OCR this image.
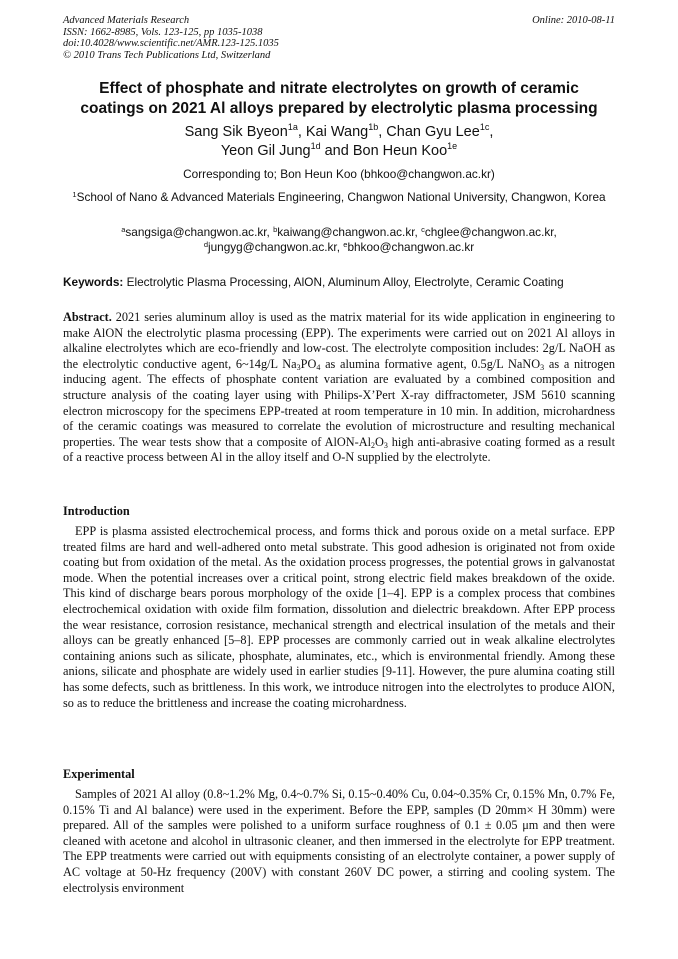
Advanced Materials Research
ISSN: 1662-8985, Vols. 123-125, pp 1035-1038
doi:10.4028/www.scientific.net/AMR.123-125.1035
© 2010 Trans Tech Publications Ltd, Switzerland
Online: 2010-08-11
Effect of phosphate and nitrate electrolytes on growth of ceramic
coatings on 2021 Al alloys prepared by electrolytic plasma processing
Sang Sik Byeon$^{1a}$, Kai Wang$^{1b}$, Chan Gyu Lee$^{1c}$,
Yeon Gil Jung$^{1d}$ and Bon Heun Koo$^{1e}$
Corresponding to; Bon Heun Koo (bhkoo@changwon.ac.kr)
$^1$School of Nano & Advanced Materials Engineering, Changwon National University, Changwon, Korea
$^a$sangsiga@changwon.ac.kr, $^b$kaiwang@changwon.ac.kr, $^c$chglee@changwon.ac.kr,
$^d$jungyg@changwon.ac.kr, $^e$bhkoo@changwon.ac.kr
Keywords: Electrolytic Plasma Processing, AlON, Aluminum Alloy, Electrolyte, Ceramic Coating
Abstract. 2021 series aluminum alloy is used as the matrix material for its wide application in engineering to make AlON the electrolytic plasma processing (EPP). The experiments were carried out on 2021 Al alloys in alkaline electrolytes which are eco-friendly and low-cost. The electrolyte composition includes: 2g/L NaOH as the electrolytic conductive agent, 6~14g/L $Na_3PO_4$ as alumina formative agent, 0.5g/L NaNO$_3$ as a nitrogen inducing agent. The effects of phosphate content variation are evaluated by a combined composition and structure analysis of the coating layer using with Philips-X’Pert X-ray diffractometer, JSM 5610 scanning electron microscopy for the specimens EPP-treated at room temperature in 10 min. In addition, microhardness of the ceramic coatings was measured to correlate the evolution of microstructure and resulting mechanical properties. The wear tests show that a composite of AlON-$Al_2O_3$ high anti-abrasive coating formed as a result of a reactive process between Al in the alloy itself and O-N supplied by the electrolyte.
Introduction
EPP is plasma assisted electrochemical process, and forms thick and porous oxide on a metal surface. EPP treated films are hard and well-adhered onto metal substrate. This good adhesion is originated not from oxide coating but from oxidation of the metal. As the oxidation process progresses, the potential grows in galvanostat mode. When the potential increases over a critical point, strong electric field makes breakdown of the oxide. This kind of discharge bears porous morphology of the oxide [1–4]. EPP is a complex process that combines electrochemical oxidation with oxide film formation, dissolution and dielectric breakdown. After EPP process the wear resistance, corrosion resistance, mechanical strength and electrical insulation of the metals and their alloys can be greatly enhanced [5–8]. EPP processes are commonly carried out in weak alkaline electrolytes containing anions such as silicate, phosphate, aluminates, etc., which is environmental friendly. Among these anions, silicate and phosphate are widely used in earlier studies [9-11]. However, the pure alumina coating still has some defects, such as brittleness. In this work, we introduce nitrogen into the electrolytes to produce AlON, so as to reduce the brittleness and increase the coating microhardness.
Experimental
Samples of 2021 Al alloy (0.8~1.2% Mg, 0.4~0.7% Si, 0.15~0.40% Cu, 0.04~0.35% Cr, 0.15% Mn, 0.7% Fe, 0.15% Ti and Al balance) were used in the experiment. Before the EPP, samples (D 20mm× H 30mm) were prepared. All of the samples were polished to a uniform surface roughness of 0.1 ± 0.05 μm and then were cleaned with acetone and alcohol in ultrasonic cleaner, and then immersed in the electrolyte for EPP treatment. The EPP treatments were carried out with equipments consisting of an electrolyte container, a power supply of AC voltage at 50-Hz frequency (200V) with constant 260V DC power, a stirring and cooling system. The electrolysis environment
